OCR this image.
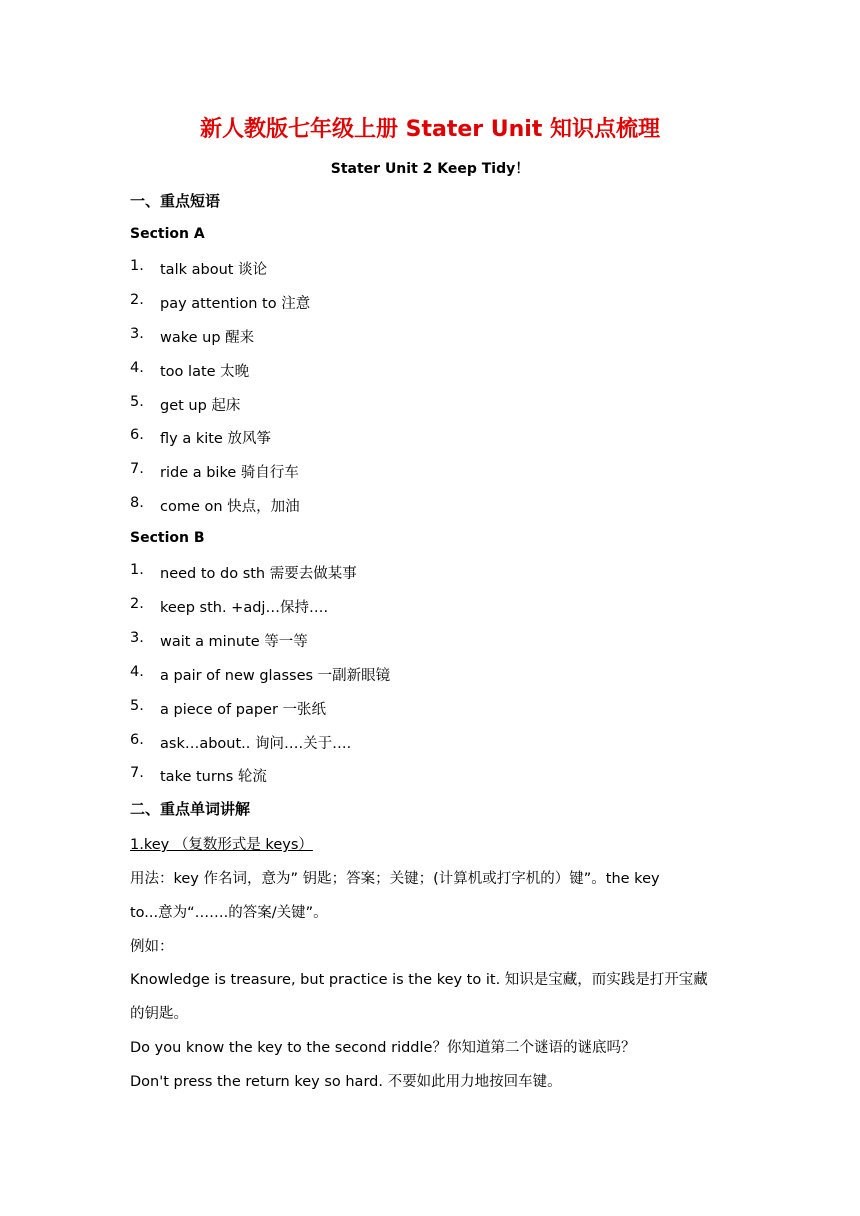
新人教版七年级上册 Stater Unit 知识点梳理
Stater Unit 2 Keep Tidy！
一、重点短语
Section A
1. talk about 谈论
2. pay attention to 注意
3. wake up 醒来
4. too late 太晚
5. get up 起床
6. fly a kite 放风筝
7. ride a bike 骑自行车
8. come on 快点，加油
Section B
1. need to do sth 需要去做某事
2. keep sth. +adj…保持….
3. wait a minute 等一等
4. a pair of new glasses 一副新眼镜
5. a piece of paper 一张纸
6. ask…about.. 询问….关于….
7. take turns 轮流
二、重点单词讲解
1.key （复数形式是 keys）
用法：key 作名词，意为” 钥匙；答案；关键；(计算机或打字机的）键”。the key
to...意为“…….的答案/关键”。
例如：
Knowledge is treasure, but practice is the key to it. 知识是宝藏，而实践是打开宝藏
的钥匙。
Do you know the key to the second riddle？你知道第二个谜语的谜底吗？
Don't press the return key so hard. 不要如此用力地按回车键。
